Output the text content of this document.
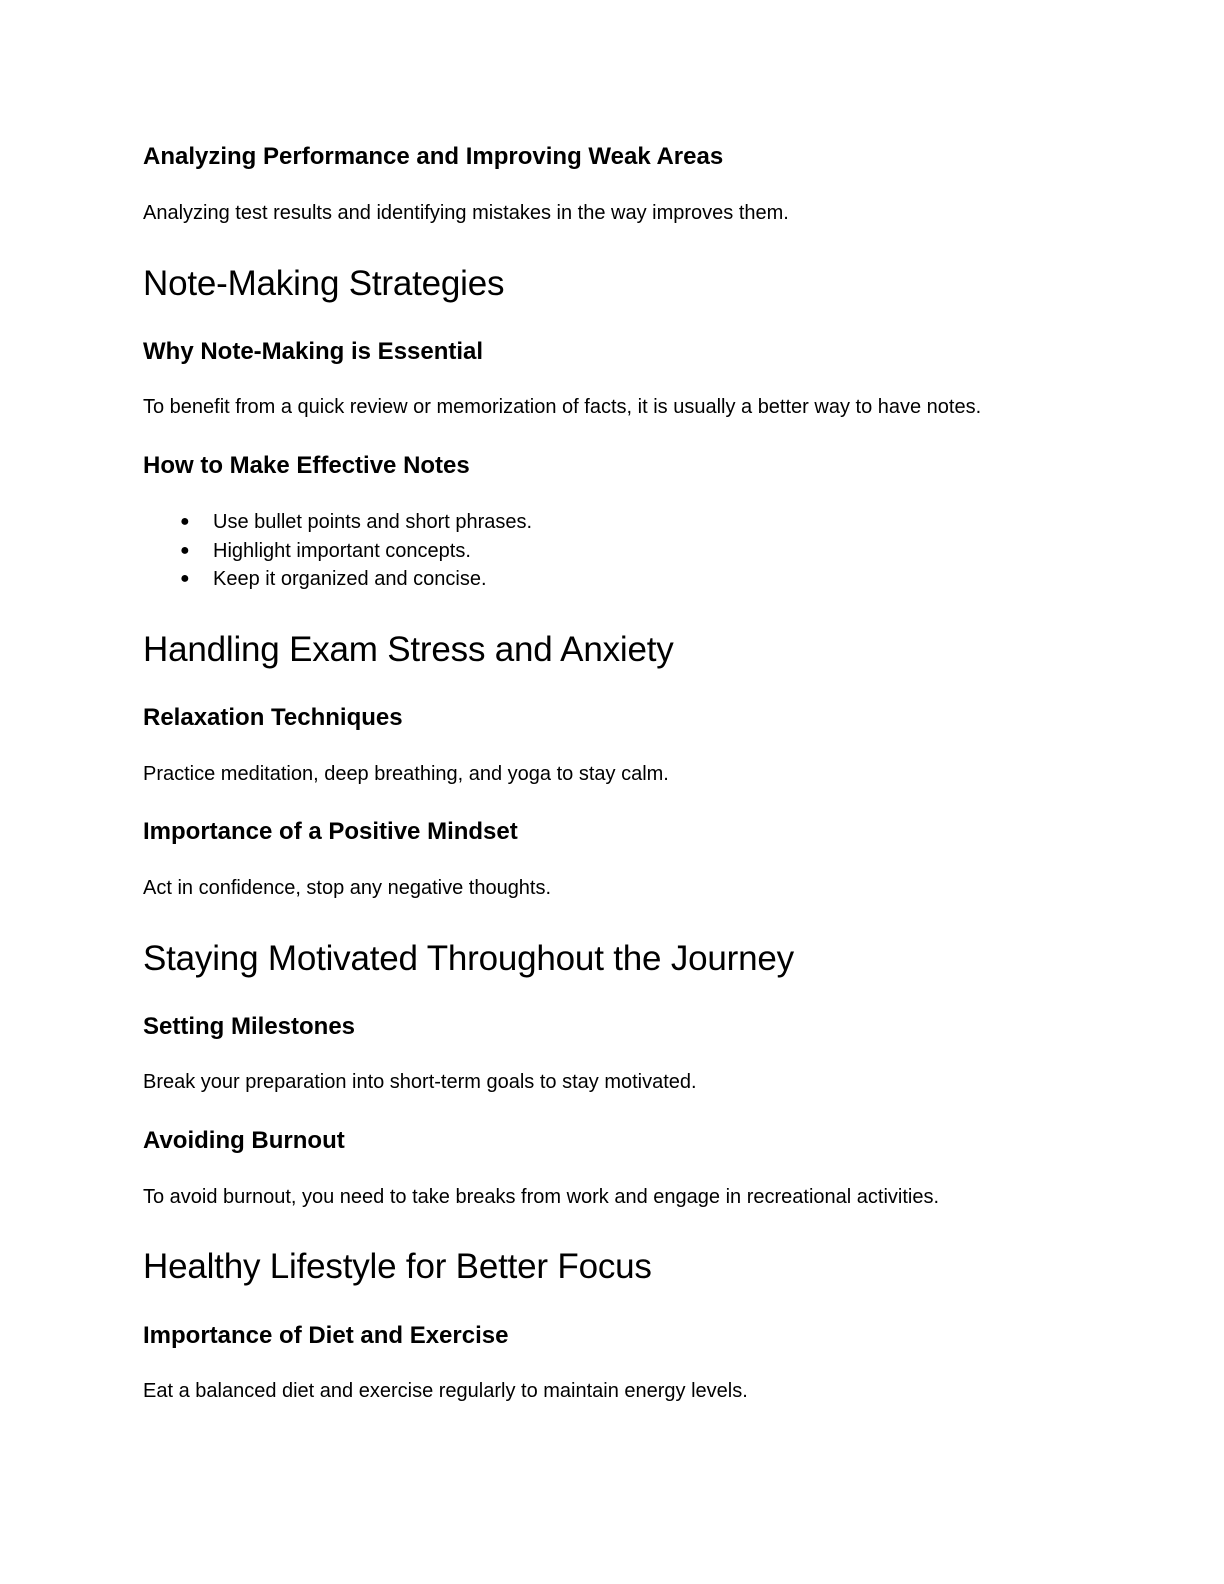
Analyzing Performance and Improving Weak Areas

Analyzing test results and identifying mistakes in the way improves them.

Note-Making Strategies
Why Note-Making is Essential

To benefit from a quick review or memorization of facts, it is usually a better way to have notes.

How to Make Effective Notes
● Use bullet points and short phrases.
● Highlight important concepts.
● Keep it organized and concise.
Handling Exam Stress and Anxiety
Relaxation Techniques

Practice meditation, deep breathing, and yoga to stay calm.

Importance of a Positive Mindset

Act in confidence, stop any negative thoughts.

Staying Motivated Throughout the Journey
Setting Milestones

Break your preparation into short-term goals to stay motivated.

Avoiding Burnout

To avoid burnout, you need to take breaks from work and engage in recreational activities.

Healthy Lifestyle for Better Focus
Importance of Diet and Exercise

Eat a balanced diet and exercise regularly to maintain energy levels.
